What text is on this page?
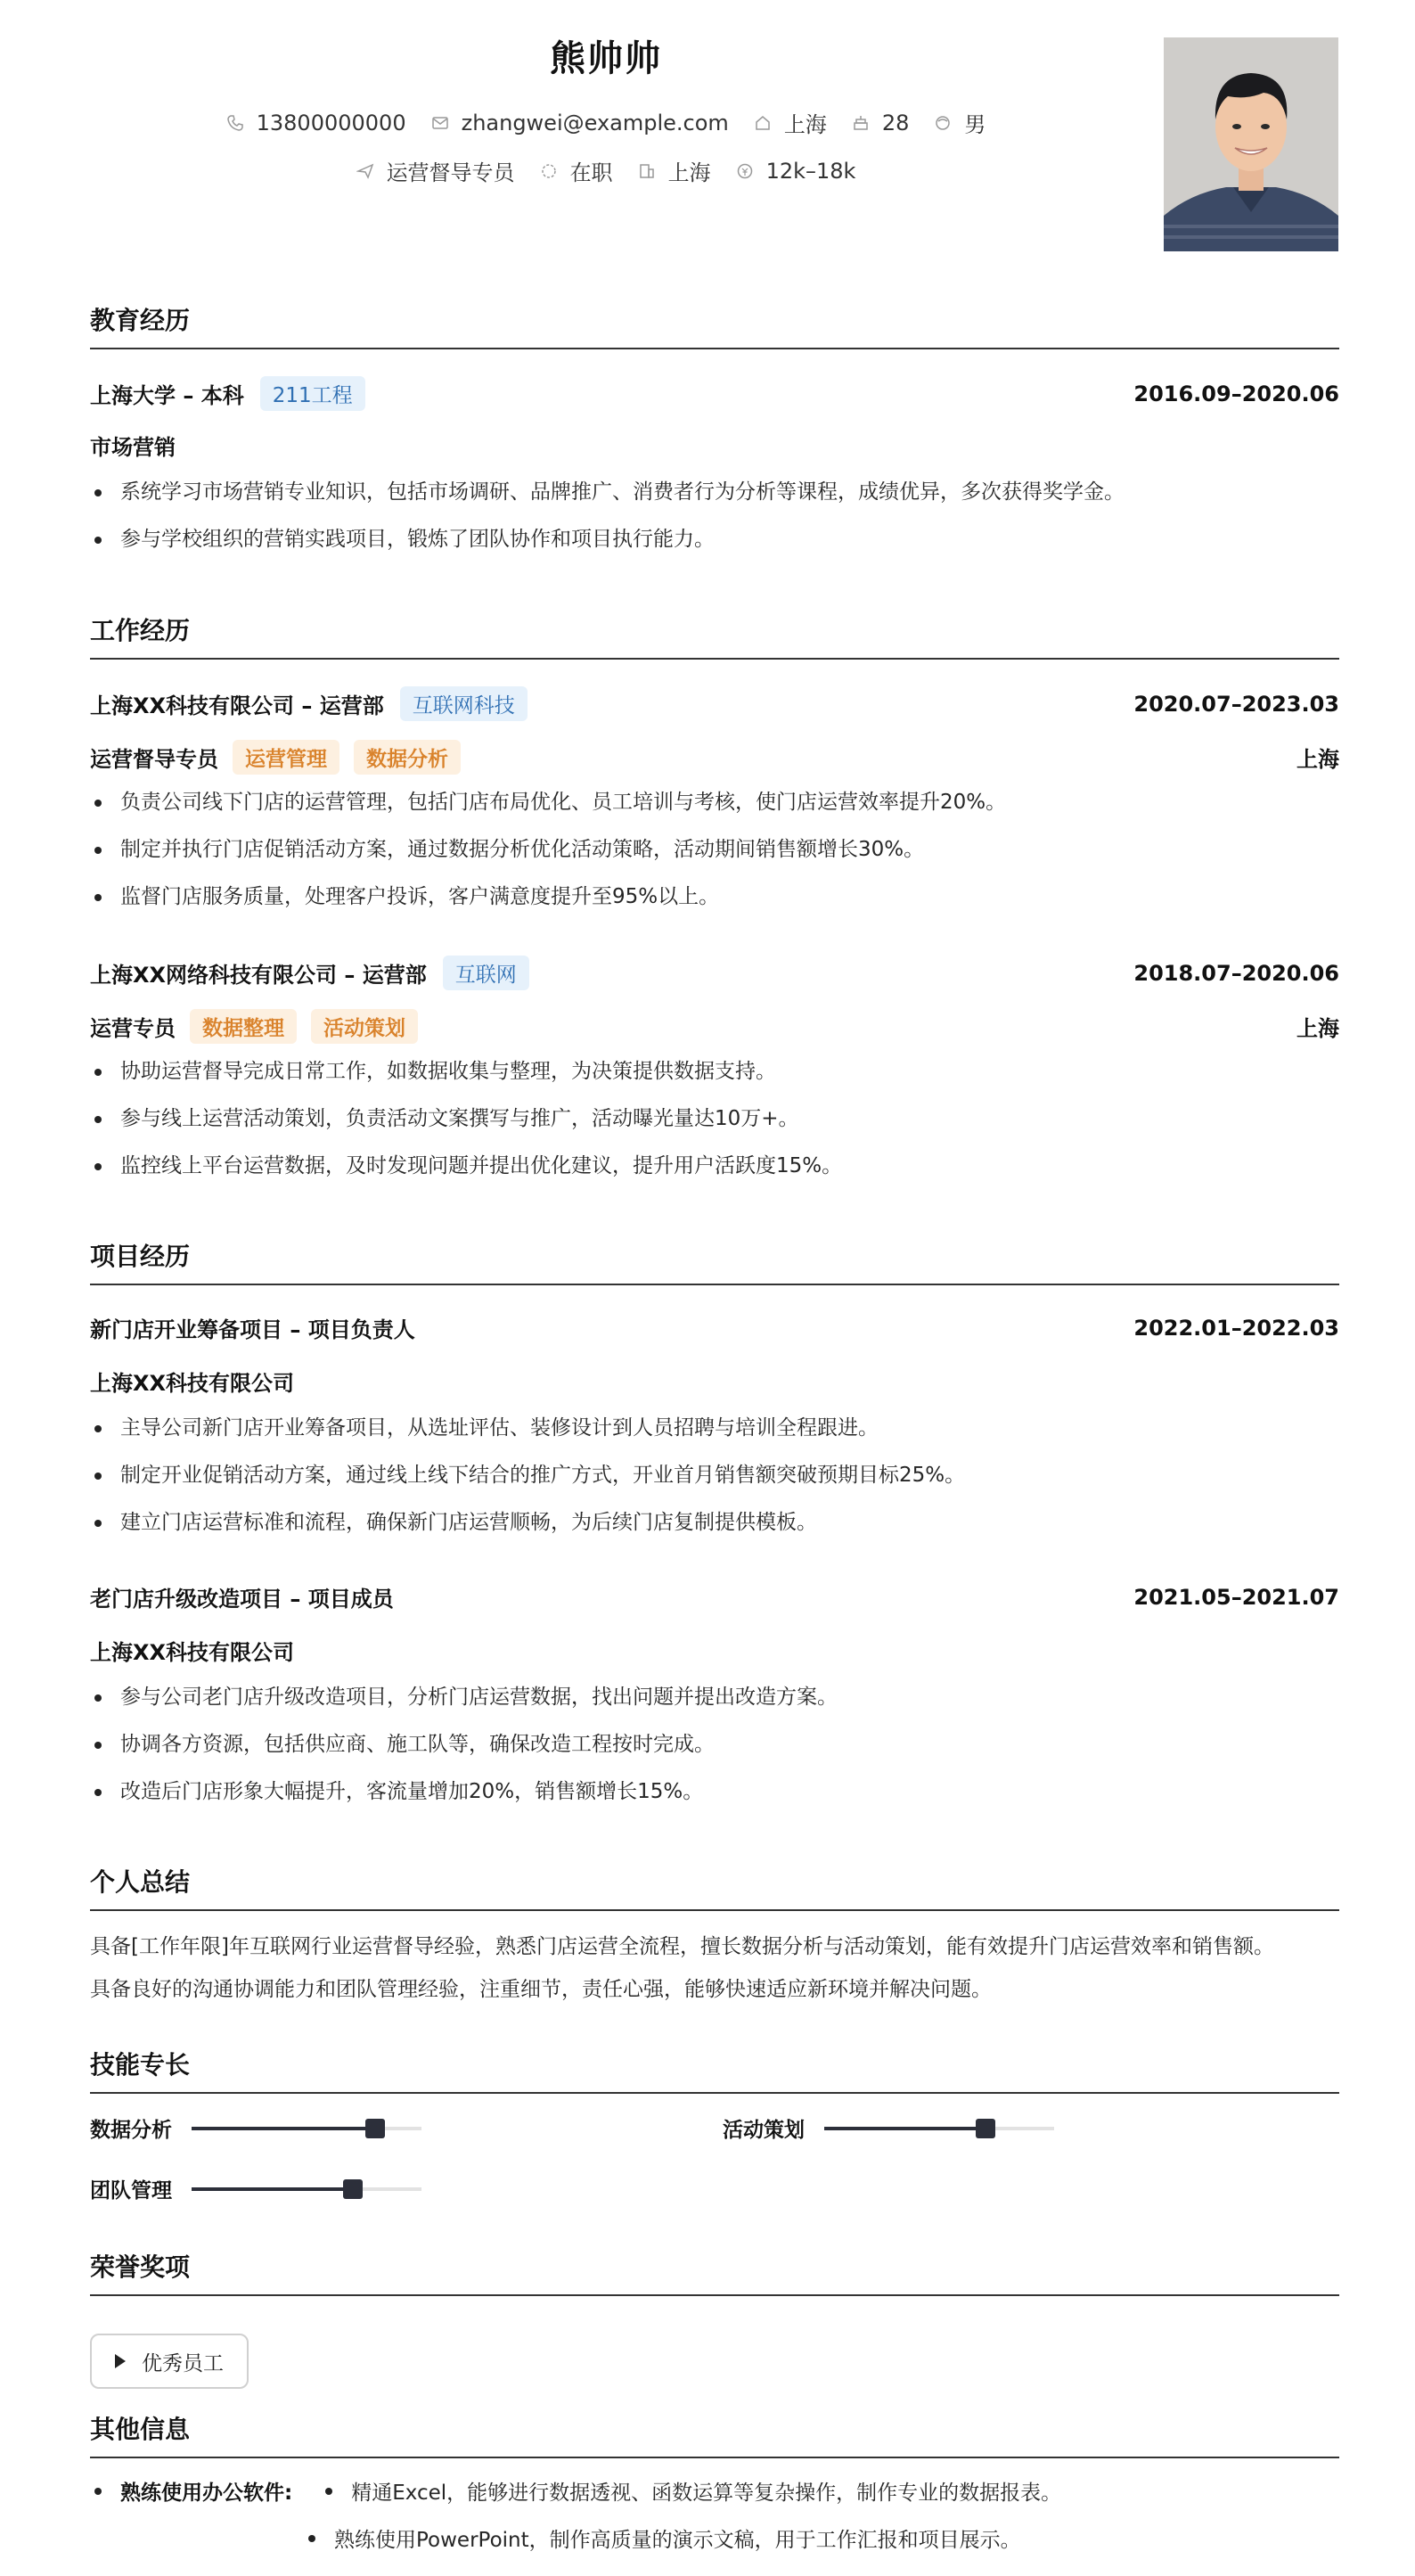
熊帅帅
13800000000	zhangwei@example.com	上海	28	男
运营督导专员	在职	上海	12k–18k
教育经历
上海大学 – 本科	211工程	2016.09–2020.06
市场营销
系统学习市场营销专业知识，包括市场调研、品牌推广、消费者行为分析等课程，成绩优异，多次获得奖学金。
参与学校组织的营销实践项目，锻炼了团队协作和项目执行能力。
工作经历
上海XX科技有限公司 – 运营部	互联网科技	2020.07–2023.03
运营督导专员	运营管理	数据分析	上海
负责公司线下门店的运营管理，包括门店布局优化、员工培训与考核，使门店运营效率提升20%。
制定并执行门店促销活动方案，通过数据分析优化活动策略，活动期间销售额增长30%。
监督门店服务质量，处理客户投诉，客户满意度提升至95%以上。
上海XX网络科技有限公司 – 运营部	互联网	2018.07–2020.06
运营专员	数据整理	活动策划	上海
协助运营督导完成日常工作，如数据收集与整理，为决策提供数据支持。
参与线上运营活动策划，负责活动文案撰写与推广，活动曝光量达10万+。
监控线上平台运营数据，及时发现问题并提出优化建议，提升用户活跃度15%。
项目经历
新门店开业筹备项目 – 项目负责人	2022.01–2022.03
上海XX科技有限公司
主导公司新门店开业筹备项目，从选址评估、装修设计到人员招聘与培训全程跟进。
制定开业促销活动方案，通过线上线下结合的推广方式，开业首月销售额突破预期目标25%。
建立门店运营标准和流程，确保新门店运营顺畅，为后续门店复制提供模板。
老门店升级改造项目 – 项目成员	2021.05–2021.07
上海XX科技有限公司
参与公司老门店升级改造项目，分析门店运营数据，找出问题并提出改造方案。
协调各方资源，包括供应商、施工队等，确保改造工程按时完成。
改造后门店形象大幅提升，客流量增加20%，销售额增长15%。
个人总结
具备[工作年限]年互联网行业运营督导经验，熟悉门店运营全流程，擅长数据分析与活动策划，能有效提升门店运营效率和销售额。
具备良好的沟通协调能力和团队管理经验，注重细节，责任心强，能够快速适应新环境并解决问题。
技能专长
数据分析	活动策划
团队管理
荣誉奖项
优秀员工
其他信息
熟练使用办公软件:	精通Excel，能够进行数据透视、函数运算等复杂操作，制作专业的数据报表。
熟练使用PowerPoint，制作高质量的演示文稿，用于工作汇报和项目展示。
